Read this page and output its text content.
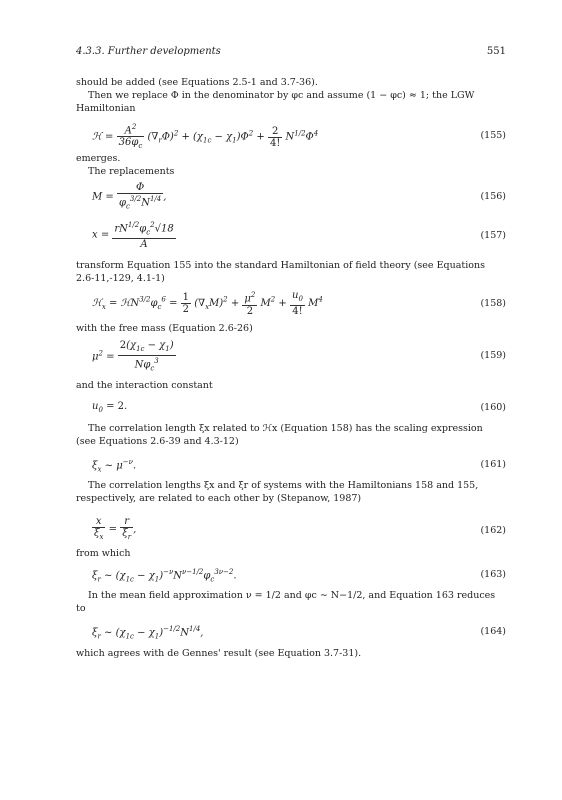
4.3.3. Further developments	551
should be added (see Equations 2.5-1 and 3.7-36).
Then we replace Φ in the denominator by φc and assume (1 − φc) ≈ 1; the LGW Hamiltonian
ℋ = $\frac{A^2}{36\varphi_c} (\nabla_r\Phi)^2 + (\chi_{1c} - \chi_1)\Phi^2 + \frac{2}{4!} N^{1/2}\Phi^4$	(155)
emerges.
The replacements
$M = \frac{\Phi}{\varphi_c^{3/2}N^{1/4}}$ ,	(156)
$x = \frac{rN^{1/2}\varphi_c^2√18}{A}$	(157)
transform Equation 155 into the standard Hamiltonian of field theory (see Equations 2.6-11,-129, 4.1-1)
ℋ$_x$ = $ℋN^{3/2}\varphi_c^6 = \frac{1}{2} (\nabla_xM)^2 + \frac{\mu^2}{2} M^2 + \frac{u_0}{4!} M^4$	(158)
with the free mass (Equation 2.6-26)
$\mu^2 = \frac{2(\chi_{1c} - \chi_1)}{N\varphi_c^3}$	(159)
and the interaction constant
$u_0 = 2$.	(160)
The correlation length ξx related to ℋx (Equation 158) has the scaling expression (see Equations 2.6-39 and 4.3-12)
$\xi_x$ ∼ $\mu^{-\nu}$.	(161)
The correlation lengths ξx and ξr of systems with the Hamiltonians 158 and 155, respectively, are related to each other by (Stepanow, 1987)
$\frac{x}{\xi_x} = \frac{r}{\xi_r}$ ,	(162)
from which
$\xi_r$ ∼ $(\chi_{1c} - \chi_1)^{-\nu}N^{\nu-1/2}\varphi_c^{3\nu-2}$.	(163)
In the mean field approximation ν = 1/2 and φc ∼ N−1/2, and Equation 163 reduces to
$\xi_r$ ∼ $(\chi_{1c} - \chi_1)^{-1/2}N^{1/4}$,	(164)
which agrees with de Gennes' result (see Equation 3.7-31).
